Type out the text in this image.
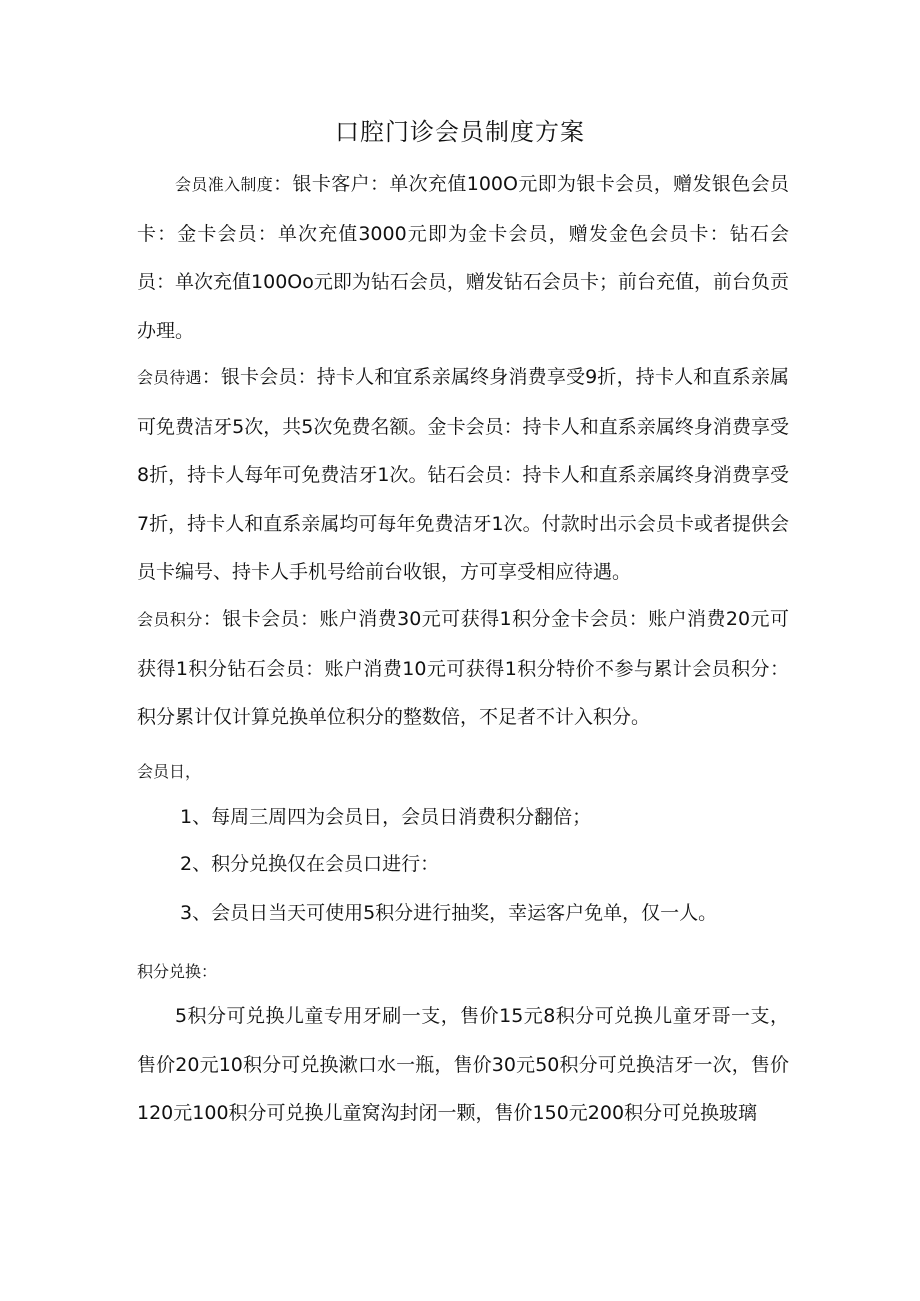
口腔门诊会员制度方案
会员准入制度：银卡客户：单次充值100O元即为银卡会员，赠发银色会员卡：金卡会员：单次充值3000元即为金卡会员，赠发金色会员卡：钻石会员：单次充值100Oo元即为钻石会员，赠发钻石会员卡；前台充值，前台负贡办理。
会员待遇：银卡会员：持卡人和宜系亲属终身消费享受9折，持卡人和直系亲属可免费洁牙5次，共5次免费名额。金卡会员：持卡人和直系亲属终身消费享受8折，持卡人每年可免费洁牙1次。钻石会员：持卡人和直系亲属终身消费享受7折，持卡人和直系亲属均可每年免费洁牙1次。付款时出示会员卡或者提供会员卡编号、持卡人手机号给前台收银，方可享受相应待遇。
会员积分：银卡会员：账户消费30元可获得1积分金卡会员：账户消费20元可获得1积分钻石会员：账户消费10元可获得1积分特价不参与累计会员积分：积分累计仅计算兑换单位积分的整数倍，不足者不计入积分。
会员日，
1、每周三周四为会员日，会员日消费积分翻倍；
2、积分兑换仅在会员口进行：
3、会员日当天可使用5积分进行抽奖，幸运客户免单，仅一人。
积分兑换：
5积分可兑换儿童专用牙刷一支，售价15元8积分可兑换儿童牙哥一支，售价20元10积分可兑换漱口水一瓶，售价30元50积分可兑换洁牙一次，售价120元100积分可兑换儿童窝沟封闭一颗，售价150元200积分可兑换玻璃
